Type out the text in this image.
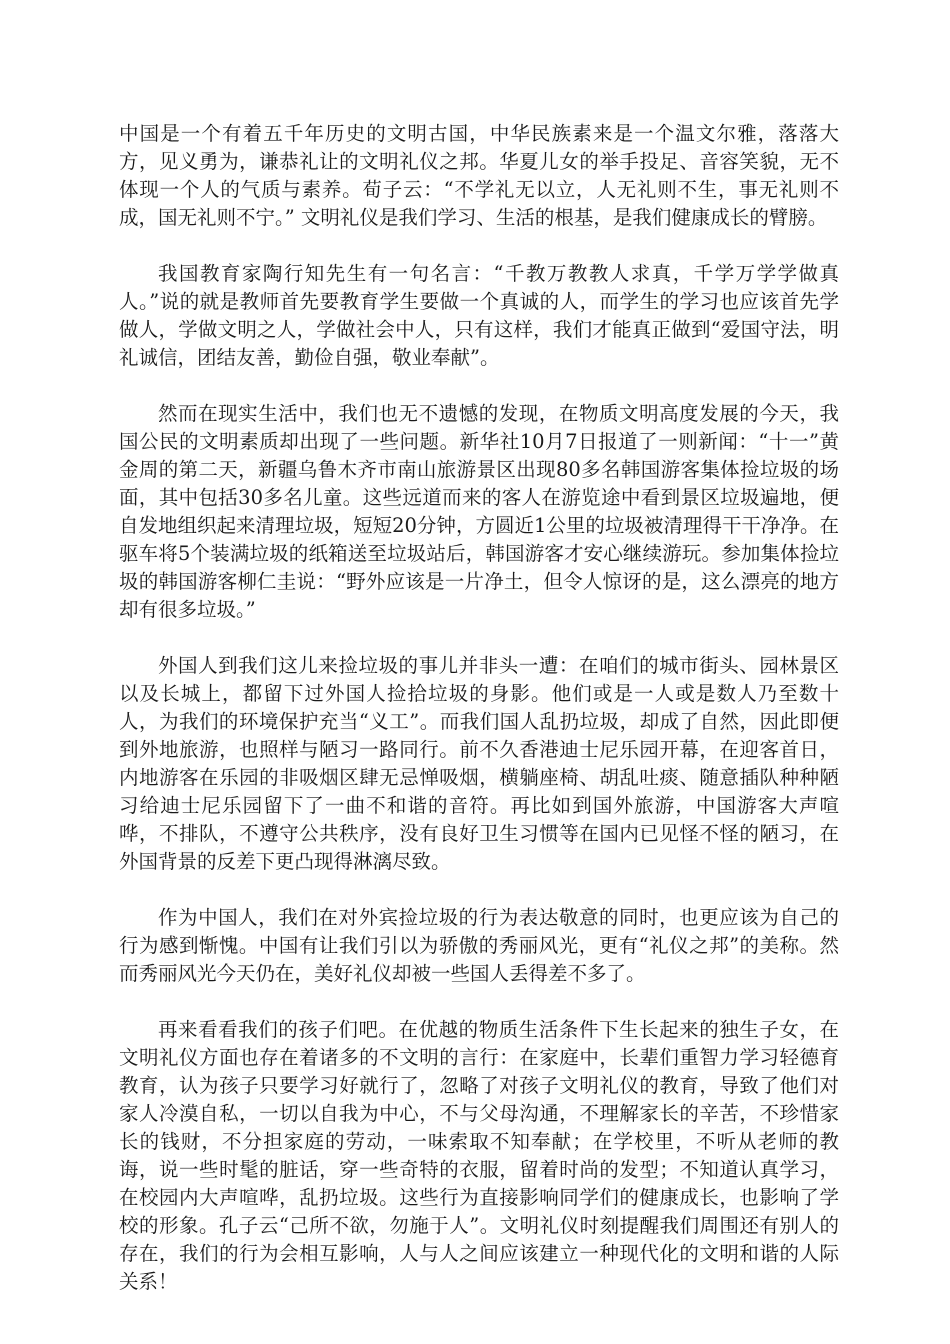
中国是一个有着五千年历史的文明古国，中华民族素来是一个温文尔雅，落落大方，见义勇为，谦恭礼让的文明礼仪之邦。华夏儿女的举手投足、音容笑貌，无不体现一个人的气质与素养。荀子云：“不学礼无以立，人无礼则不生，事无礼则不成，国无礼则不宁。” 文明礼仪是我们学习、生活的根基，是我们健康成长的臂膀。

我国教育家陶行知先生有一句名言：“千教万教教人求真，千学万学学做真人。”说的就是教师首先要教育学生要做一个真诚的人，而学生的学习也应该首先学做人，学做文明之人，学做社会中人，只有这样，我们才能真正做到“爱国守法，明礼诚信，团结友善，勤俭自强，敬业奉献”。

然而在现实生活中，我们也无不遗憾的发现，在物质文明高度发展的今天，我国公民的文明素质却出现了一些问题。新华社10月7日报道了一则新闻：“十一”黄金周的第二天，新疆乌鲁木齐市南山旅游景区出现80多名韩国游客集体捡垃圾的场面，其中包括30多名儿童。这些远道而来的客人在游览途中看到景区垃圾遍地，便自发地组织起来清理垃圾，短短20分钟，方圆近1公里的垃圾被清理得干干净净。在驱车将5个装满垃圾的纸箱送至垃圾站后，韩国游客才安心继续游玩。参加集体捡垃圾的韩国游客柳仁圭说：“野外应该是一片净土，但令人惊讶的是，这么漂亮的地方却有很多垃圾。”

外国人到我们这儿来捡垃圾的事儿并非头一遭：在咱们的城市街头、园林景区以及长城上，都留下过外国人捡拾垃圾的身影。他们或是一人或是数人乃至数十人，为我们的环境保护充当“义工”。而我们国人乱扔垃圾，却成了自然，因此即便到外地旅游，也照样与陋习一路同行。前不久香港迪士尼乐园开幕，在迎客首日，内地游客在乐园的非吸烟区肆无忌惮吸烟，横躺座椅、胡乱吐痰、随意插队种种陋习给迪士尼乐园留下了一曲不和谐的音符。再比如到国外旅游，中国游客大声喧哗，不排队，不遵守公共秩序，没有良好卫生习惯等在国内已见怪不怪的陋习，在外国背景的反差下更凸现得淋漓尽致。

作为中国人，我们在对外宾捡垃圾的行为表达敬意的同时，也更应该为自己的行为感到惭愧。中国有让我们引以为骄傲的秀丽风光，更有“礼仪之邦”的美称。然而秀丽风光今天仍在，美好礼仪却被一些国人丢得差不多了。

再来看看我们的孩子们吧。在优越的物质生活条件下生长起来的独生子女，在文明礼仪方面也存在着诸多的不文明的言行：在家庭中，长辈们重智力学习轻德育教育，认为孩子只要学习好就行了，忽略了对孩子文明礼仪的教育，导致了他们对家人冷漠自私，一切以自我为中心，不与父母沟通，不理解家长的辛苦，不珍惜家长的钱财，不分担家庭的劳动，一味索取不知奉献；在学校里，不听从老师的教诲，说一些时髦的脏话，穿一些奇特的衣服，留着时尚的发型；不知道认真学习，在校园内大声喧哗，乱扔垃圾。这些行为直接影响同学们的健康成长，也影响了学校的形象。孔子云“己所不欲，勿施于人”。文明礼仪时刻提醒我们周围还有别人的存在，我们的行为会相互影响，人与人之间应该建立一种现代化的文明和谐的人际关系！
